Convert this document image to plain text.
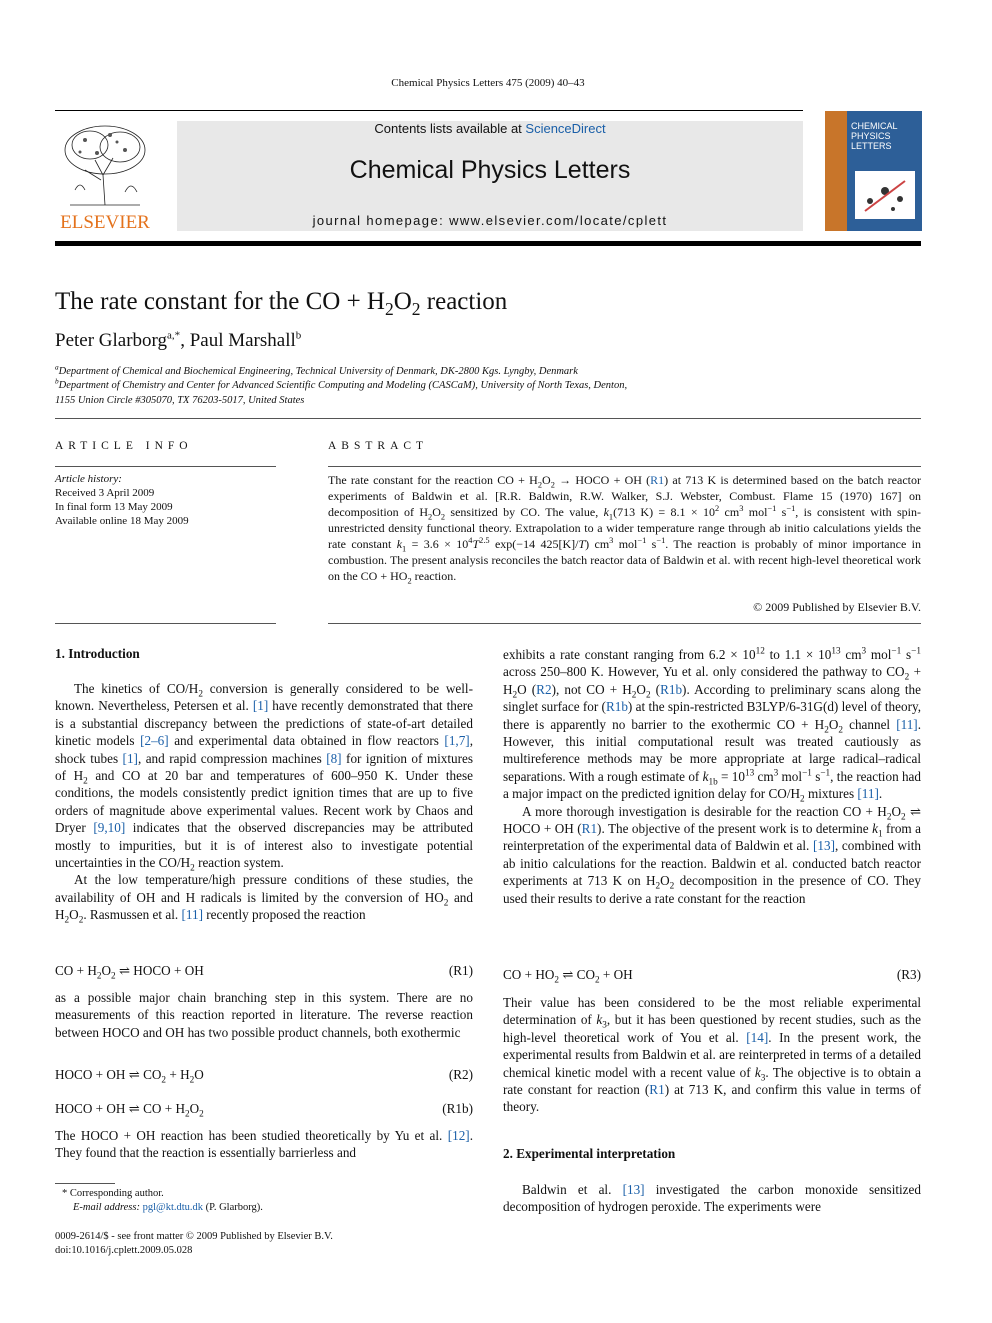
Chemical Physics Letters 475 (2009) 40–43
ELSEVIER
Contents lists available at ScienceDirect
Chemical Physics Letters
journal homepage: www.elsevier.com/locate/cplett
CHEMICAL
PHYSICS
LETTERS
The rate constant for the CO + $H_2O_2$ reaction
Peter Glarborg$^{a,*}$, Paul Marshall$^b$
$^a$Department of Chemical and Biochemical Engineering, Technical University of Denmark, DK-2800 Kgs. Lyngby, Denmark
$^b$Department of Chemistry and Center for Advanced Scientific Computing and Modeling (CASCaM), University of North Texas, Denton,
1155 Union Circle #305070, TX 76203-5017, United States
ARTICLE INFO
Article history:
Received 3 April 2009
In final form 13 May 2009
Available online 18 May 2009
ABSTRACT
The rate constant for the reaction CO + $H_2O_2$ → HOCO + OH (R1) at 713 K is determined based on the batch reactor experiments of Baldwin et al. [R.R. Baldwin, R.W. Walker, S.J. Webster, Combust. Flame 15 (1970) 167] on decomposition of $H_2O_2$ sensitized by CO. The value, $k_1(713$ $K) = 8.1 \times 10^2$ $cm^3$ mol$^{-1}$ $s^{-1}$, is consistent with spin-unrestricted density functional theory. Extrapolation to a wider temperature range through ab initio calculations yields the rate constant $k_1 = 3.6 \times 10^4T^{2.5}$ exp(−14 425[K]/T) $cm^3$ mol$^{-1}$ $s^{-1}$. The reaction is probably of minor importance in combustion. The present analysis reconciles the batch reactor data of Baldwin et al. with recent high-level theoretical work on the CO + $HO_2$ reaction.
© 2009 Published by Elsevier B.V.
1. Introduction

The kinetics of $CO/H_2$ conversion is generally considered to be well-known. Nevertheless, Petersen et al. [1] have recently demonstrated that there is a substantial discrepancy between the predictions of state-of-art detailed kinetic models [2–6] and experimental data obtained in flow reactors [1,7], shock tubes [1], and rapid compression machines [8] for ignition of mixtures of $H_2$ and CO at 20 bar and temperatures of 600–950 K. Under these conditions, the models consistently predict ignition times that are up to five orders of magnitude above experimental values. Recent work by Chaos and Dryer [9,10] indicates that the observed discrepancies may be attributed mostly to impurities, but it is of interest also to investigate potential uncertainties in the $CO/H_2$ reaction system.

At the low temperature/high pressure conditions of these studies, the availability of OH and H radicals is limited by the conversion of $HO_2$ and $H_2O_2$. Rasmussen et al. [11] recently proposed the reaction

CO + $H_2O_2$ ⇌ HOCO + OH	(R1)

as a possible major chain branching step in this system. There are no measurements of this reaction reported in literature. The reverse reaction between HOCO and OH has two possible product channels, both exothermic

HOCO + OH ⇌ $CO_2 + H_2O$	(R2)
HOCO + OH ⇌ CO + $H_2O_2$	(R1b)

The HOCO + OH reaction has been studied theoretically by Yu et al. [12]. They found that the reaction is essentially barrierless and

* Corresponding author.
E-mail address: pgl@kt.dtu.dk (P. Glarborg).
0009-2614/$ - see front matter © 2009 Published by Elsevier B.V.
doi:10.1016/j.cplett.2009.05.028

exhibits a rate constant ranging from $6.2 \times 10^{12}$ to $1.1 \times 10^{13}$ $cm^3$ mol$^{-1}$ $s^{-1}$ across 250–800 K. However, Yu et al. only considered the pathway to $CO_2 + H_2O$ (R2), not CO + $H_2O_2$ (R1b). According to preliminary scans along the singlet surface for (R1b) at the spin-restricted B3LYP/6-31G(d) level of theory, there is apparently no barrier to the exothermic CO + $H_2O_2$ channel [11]. However, this initial computational result was treated cautiously as multireference methods may be more appropriate at large radical–radical separations. With a rough estimate of $k_{1b} = 10^{13}$ $cm^3$ mol$^{-1}$ $s^{-1}$, the reaction had a major impact on the predicted ignition delay for $CO/H_2$ mixtures [11].

A more thorough investigation is desirable for the reaction CO + $H_2O_2$ ⇌ HOCO + OH (R1). The objective of the present work is to determine $k_1$ from a reinterpretation of the experimental data of Baldwin et al. [13], combined with ab initio calculations for the reaction. Baldwin et al. conducted batch reactor experiments at 713 K on $H_2O_2$ decomposition in the presence of CO. They used their results to derive a rate constant for the reaction

CO + $HO_2$ ⇌ $CO_2$ + OH	(R3)

Their value has been considered to be the most reliable experimental determination of $k_3$, but it has been questioned by recent studies, such as the high-level theoretical work of You et al. [14]. In the present work, the experimental results from Baldwin et al. are reinterpreted in terms of a detailed chemical kinetic model with a recent value of $k_3$. The objective is to obtain a rate constant for reaction (R1) at 713 K, and confirm this value in terms of theory.

2. Experimental interpretation

Baldwin et al. [13] investigated the carbon monoxide sensitized decomposition of hydrogen peroxide. The experiments were
